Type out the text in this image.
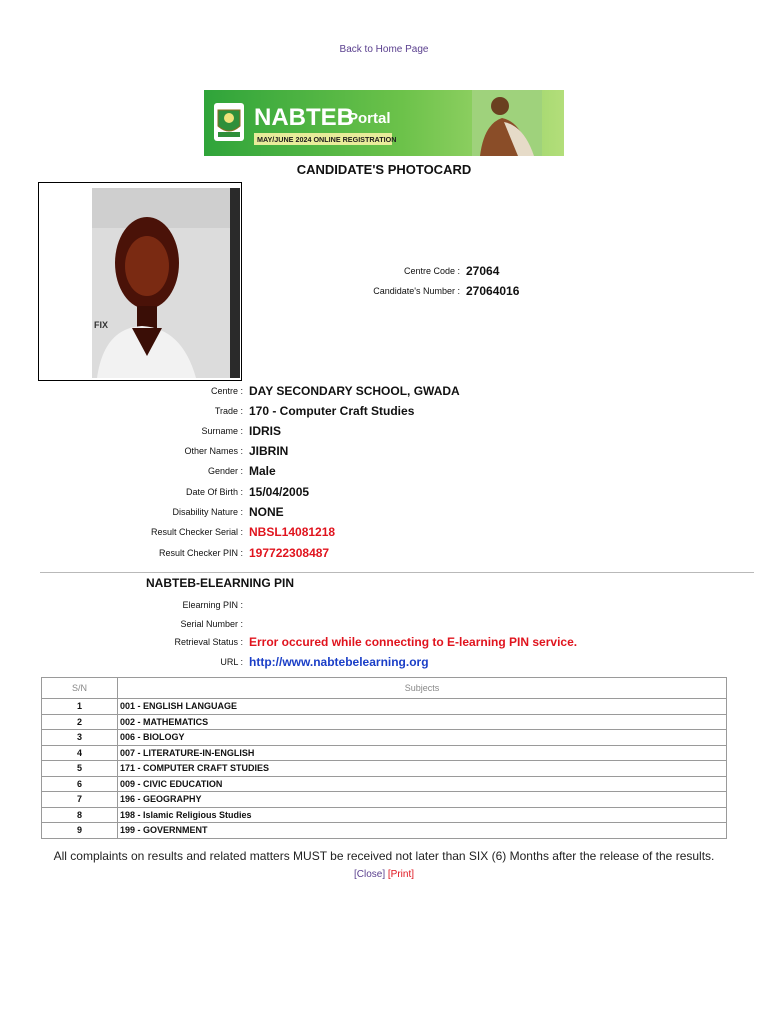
Back to Home Page
NABTEB
Portal
MAY/JUNE 2024 ONLINE REGISTRATION
CANDIDATE'S PHOTOCARD
FIX
Centre Code : 27064
Candidate's Number : 27064016
Centre : DAY SECONDARY SCHOOL, GWADA
Trade : 170 - Computer Craft Studies
Surname : IDRIS
Other Names : JIBRIN
Gender : Male
Date Of Birth : 15/04/2005
Disability Nature : NONE
Result Checker Serial : NBSL14081218
Result Checker PIN : 197722308487
NABTEB-ELEARNING PIN
Elearning PIN :
Serial Number :
Retrieval Status : Error occured while connecting to E-learning PIN service.
URL : http://www.nabtebelearning.org
S/N	Subjects
1	001 - ENGLISH LANGUAGE
2	002 - MATHEMATICS
3	006 - BIOLOGY
4	007 - LITERATURE-IN-ENGLISH
5	171 - COMPUTER CRAFT STUDIES
6	009 - CIVIC EDUCATION
7	196 - GEOGRAPHY
8	198 - Islamic Religious Studies
9	199 - GOVERNMENT
All complaints on results and related matters MUST be received not later than SIX (6) Months after the release of the results.
[Close] [Print]
